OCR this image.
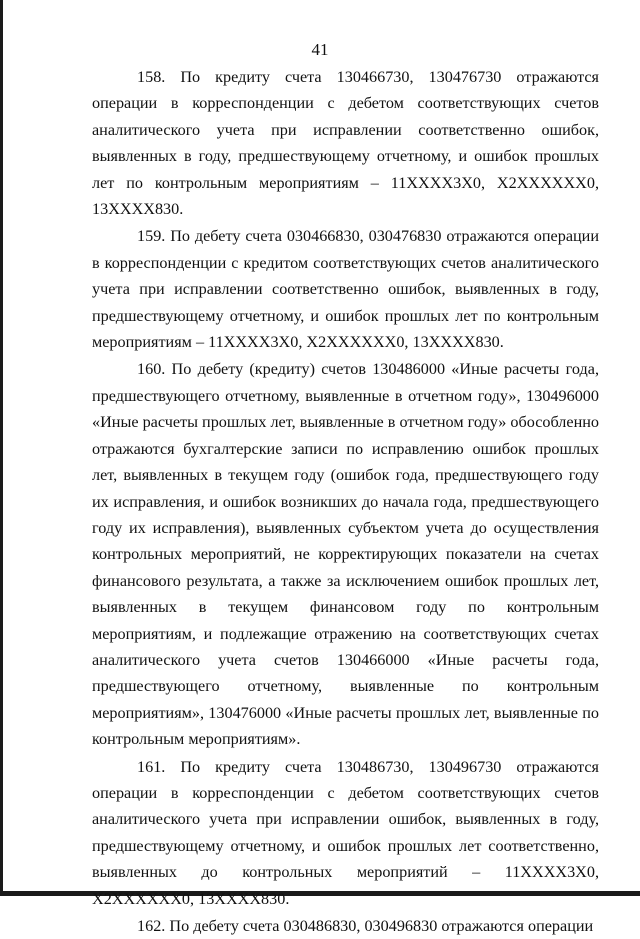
41

158. По кредиту счета 130466730, 130476730 отражаются операции в корреспонденции с дебетом соответствующих счетов аналитического учета при исправлении соответственно ошибок, выявленных в году, предшествующему отчетному, и ошибок прошлых лет по контрольным мероприятиям – 11ХХХХ3Х0, Х2ХХХХХХ0, 13ХХХХ830.

159. По дебету счета 030466830, 030476830 отражаются операции в корреспонденции с кредитом соответствующих счетов аналитического учета при исправлении соответственно ошибок, выявленных в году, предшествующему отчетному, и ошибок прошлых лет по контрольным мероприятиям – 11ХХХХ3Х0, Х2ХХХХХХ0, 13ХХХХ830.

160. По дебету (кредиту) счетов 130486000 «Иные расчеты года, предшествующего отчетному, выявленные в отчетном году», 130496000 «Иные расчеты прошлых лет, выявленные в отчетном году» обособленно отражаются бухгалтерские записи по исправлению ошибок прошлых лет, выявленных в текущем году (ошибок года, предшествующего году их исправления, и ошибок возникших до начала года, предшествующего году их исправления), выявленных субъектом учета до осуществления контрольных мероприятий, не корректирующих показатели на счетах финансового результата, а также за исключением ошибок прошлых лет, выявленных в текущем финансовом году по контрольным мероприятиям, и подлежащие отражению на соответствующих счетах аналитического учета счетов 130466000 «Иные расчеты года, предшествующего отчетному, выявленные по контрольным мероприятиям», 130476000 «Иные расчеты прошлых лет, выявленные по контрольным мероприятиям».

161. По кредиту счета 130486730, 130496730 отражаются операции в корреспонденции с дебетом соответствующих счетов аналитического учета при исправлении ошибок, выявленных в году, предшествующему отчетному, и ошибок прошлых лет соответственно, выявленных до контрольных мероприятий – 11ХХХХ3Х0, Х2ХХХХХХ0, 13ХХХХ830.

162. По дебету счета 030486830, 030496830 отражаются операции
